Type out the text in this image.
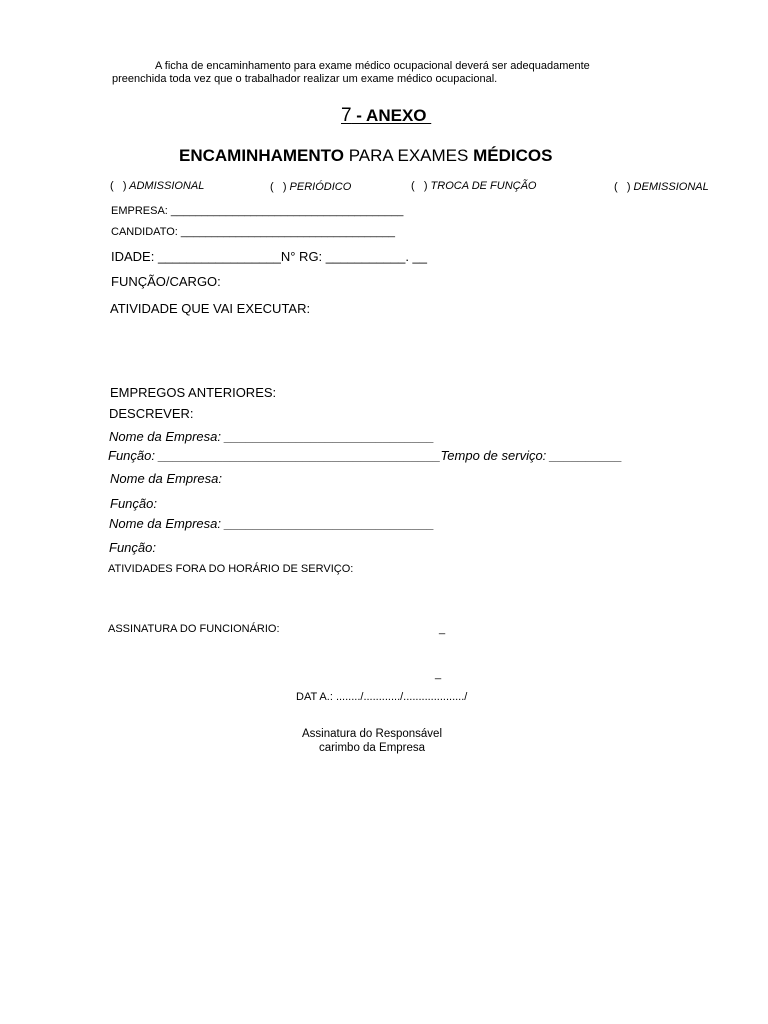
A ficha de encaminhamento para exame médico ocupacional deverá ser adequadamente
preenchida toda vez que o trabalhador realizar um exame médico ocupacional.
7 - ANEXO
ENCAMINHAMENTO PARA EXAMES MÉDICOS
(   ) ADMISSIONAL	(   ) PERIÓDICO	(   ) TROCA DE FUNÇÃO	(   ) DEMISSIONAL
EMPRESA: ______________________________________
CANDIDATO: ___________________________________
IDADE: _________________N° RG: ___________. __
FUNÇÃO/CARGO:
ATIVIDADE QUE VAI EXECUTAR:
EMPREGOS ANTERIORES:
DESCREVER:
Nome da Empresa: _____________________________
Função: _______________________________________Tempo de serviço: __________
Nome da Empresa:
Função:
Nome da Empresa: _____________________________
Função:
ATIVIDADES FORA DO HORÁRIO DE SERVIÇO:
ASSINATURA DO FUNCIONÁRIO:	_
_
DAT A.: ......../............/..................../
Assinatura do Responsável
carimbo da Empresa
